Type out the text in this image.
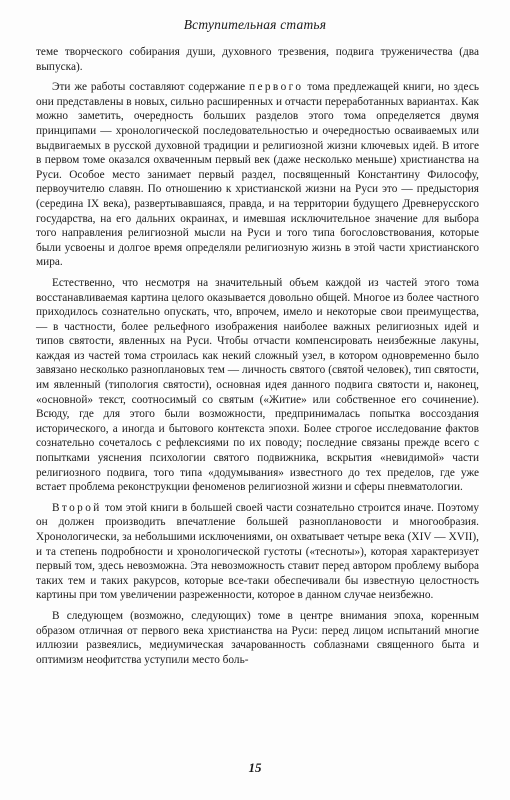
Вступительная статья

теме творческого собирания души, духовного трезвения, подвига труженичества (два выпуска).

Эти же работы составляют содержание первого тома предлежащей книги, но здесь они представлены в новых, сильно расширенных и отчасти переработанных вариантах. Как можно заметить, очередность больших разделов этого тома определяется двумя принципами — хронологической последовательностью и очередностью осваиваемых или выдвигаемых в русской духовной традиции и религиозной жизни ключевых идей. В итоге в первом томе оказался охваченным первый век (даже несколько меньше) христианства на Руси. Особое место занимает первый раздел, посвященный Константину Философу, первоучителю славян. По отношению к христианской жизни на Руси это — предыстория (середина IX века), развертывавшаяся, правда, и на территории будущего Древнерусского государства, на его дальних окраинах, и имевшая исключительное значение для выбора того направления религиозной мысли на Руси и того типа богословствования, которые были усвоены и долгое время определяли религиозную жизнь в этой части христианского мира.

Естественно, что несмотря на значительный объем каждой из частей этого тома восстанавливаемая картина целого оказывается довольно общей. Многое из более частного приходилось сознательно опускать, что, впрочем, имело и некоторые свои преимущества, — в частности, более рельефного изображения наиболее важных религиозных идей и типов святости, явленных на Руси. Чтобы отчасти компенсировать неизбежные лакуны, каждая из частей тома строилась как некий сложный узел, в котором одновременно было завязано несколько разноплановых тем — личность святого (святой человек), тип святости, им явленный (типология святости), основная идея данного подвига святости и, наконец, «основной» текст, соотносимый со святым («Житие» или собственное его сочинение). Всюду, где для этого были возможности, предпринималась попытка воссоздания исторического, а иногда и бытового контекста эпохи. Более строгое исследование фактов сознательно сочеталось с рефлексиями по их поводу; последние связаны прежде всего с попытками уяснения психологии святого подвижника, вскрытия «невидимой» части религиозного подвига, того типа «додумывания» известного до тех пределов, где уже встает проблема реконструкции феноменов религиозной жизни и сферы пневматологии.

Второй том этой книги в большей своей части сознательно строится иначе. Поэтому он должен производить впечатление большей разноплановости и многообразия. Хронологически, за небольшими исключениями, он охватывает четыре века (XIV — XVII), и та степень подробности и хронологической густоты («тесноты»), которая характеризует первый том, здесь невозможна. Эта невозможность ставит перед автором проблему выбора таких тем и таких ракурсов, которые все-таки обеспечивали бы известную целостность картины при том увеличении разреженности, которое в данном случае неизбежно.

В следующем (возможно, следующих) томе в центре внимания эпоха, коренным образом отличная от первого века христианства на Руси: перед лицом испытаний многие иллюзии развеялись, медиумическая зачарованность соблазнами священного быта и оптимизм неофитства уступили место боль-

15
